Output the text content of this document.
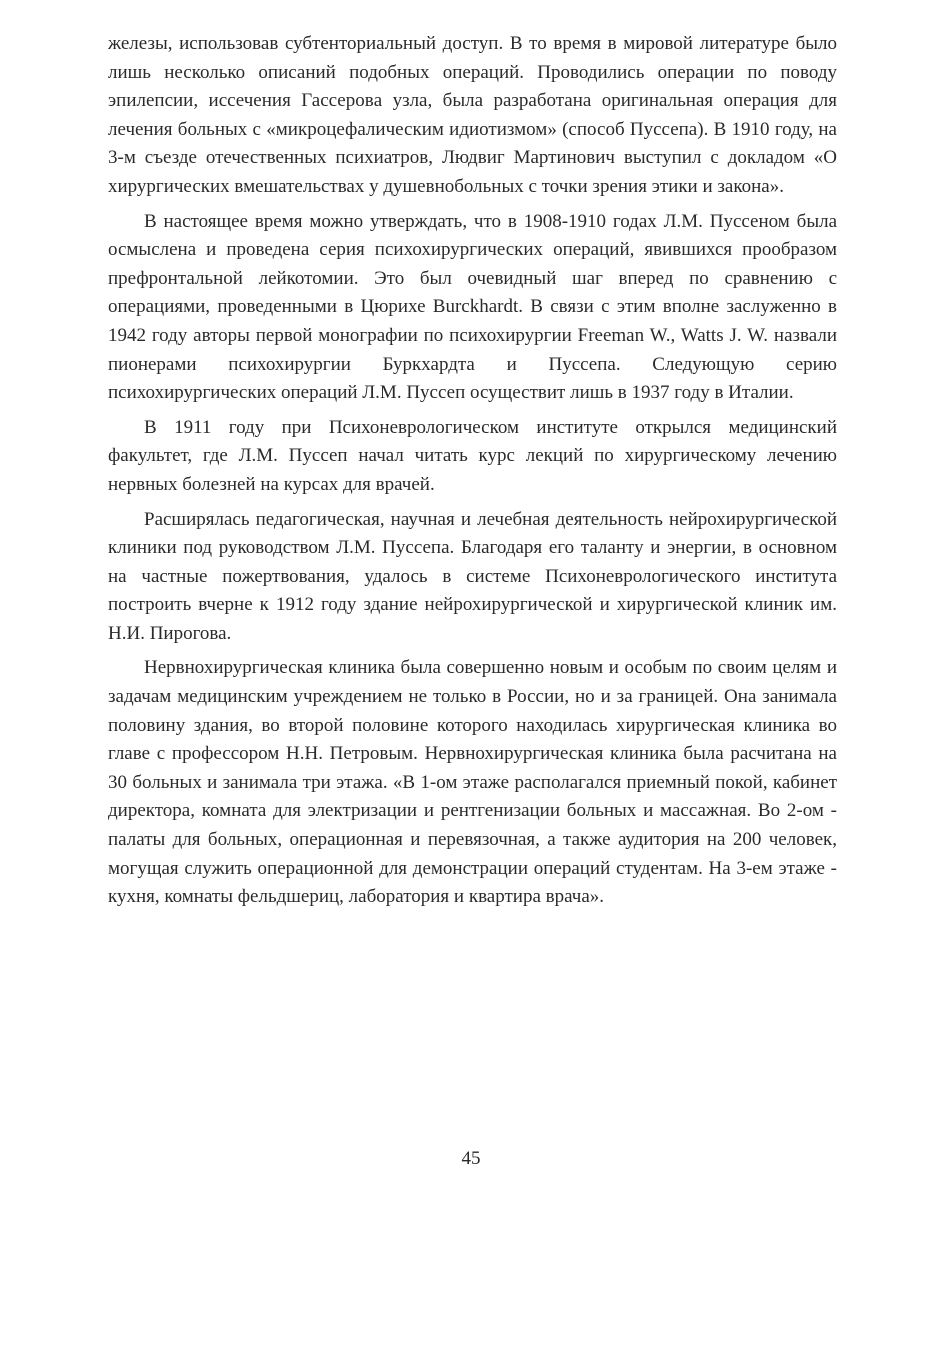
железы, использовав субтенториальный доступ. В то время в мировой литературе было лишь несколько описаний подобных операций. Проводились операции по поводу эпилепсии, иссечения Гассеровa узла, была разработана оригинальная операция для лечения больных с «микроцефалическим идиотизмом» (способ Пуссепа). В 1910 году, на 3-м съезде отечественных психиатров, Людвиг Мартинович выступил с докладом «О хирургических вмешательствах у душевнобольных с точки зрения этики и закона».

В настоящее время можно утверждать, что в 1908-1910 годах Л.М. Пуссеном была осмыслена и проведена серия психохирургических операций, явившихся прообразом префронтальной лейкотомии. Это был очевидный шаг вперед по сравнению с операциями, проведенными в Цюрихе Burckhardt. В связи с этим вполне заслуженно в 1942 году авторы первой монографии по психохирургии Freeman W., Watts J. W. назвали пионерами психохирургии Буркхардта и Пуссепа. Следующую серию психохирургических операций Л.М. Пуссеп осуществит лишь в 1937 году в Италии.

В 1911 году при Психоневрологическом институте открылся медицинский факультет, где Л.М. Пуссеп начал читать курс лекций по хирургическому лечению нервных болезней на курсах для врачей.

Расширялась педагогическая, научная и лечебная деятельность нейрохирургической клиники под руководством Л.М. Пуссепа. Благодаря его таланту и энергии, в основном на частные пожертвования, удалось в системе Психоневрологического института построить вчерне к 1912 году здание нейрохирургической и хирургической клиник им. Н.И. Пирогова.

Нервнохирургическая клиника была совершенно новым и особым по своим целям и задачам медицинским учреждением не только в России, но и за границей. Она занимала половину здания, во второй половине которого находилась хирургическая клиника во главе с профессором Н.Н. Петровым. Нервнохирургическая клиника была расчитана на 30 больных и занимала три этажа. «В 1-ом этаже располагался приемный покой, кабинет директора, комната для электризации и рентгенизации больных и массажная. Во 2-ом - палаты для больных, операционная и перевязочная, а также аудитория на 200 человек, могущая служить операционной для демонстрации операций студентам. На 3-ем этаже - кухня, комнаты фельдшериц, лаборатория и квартира врача».

45
